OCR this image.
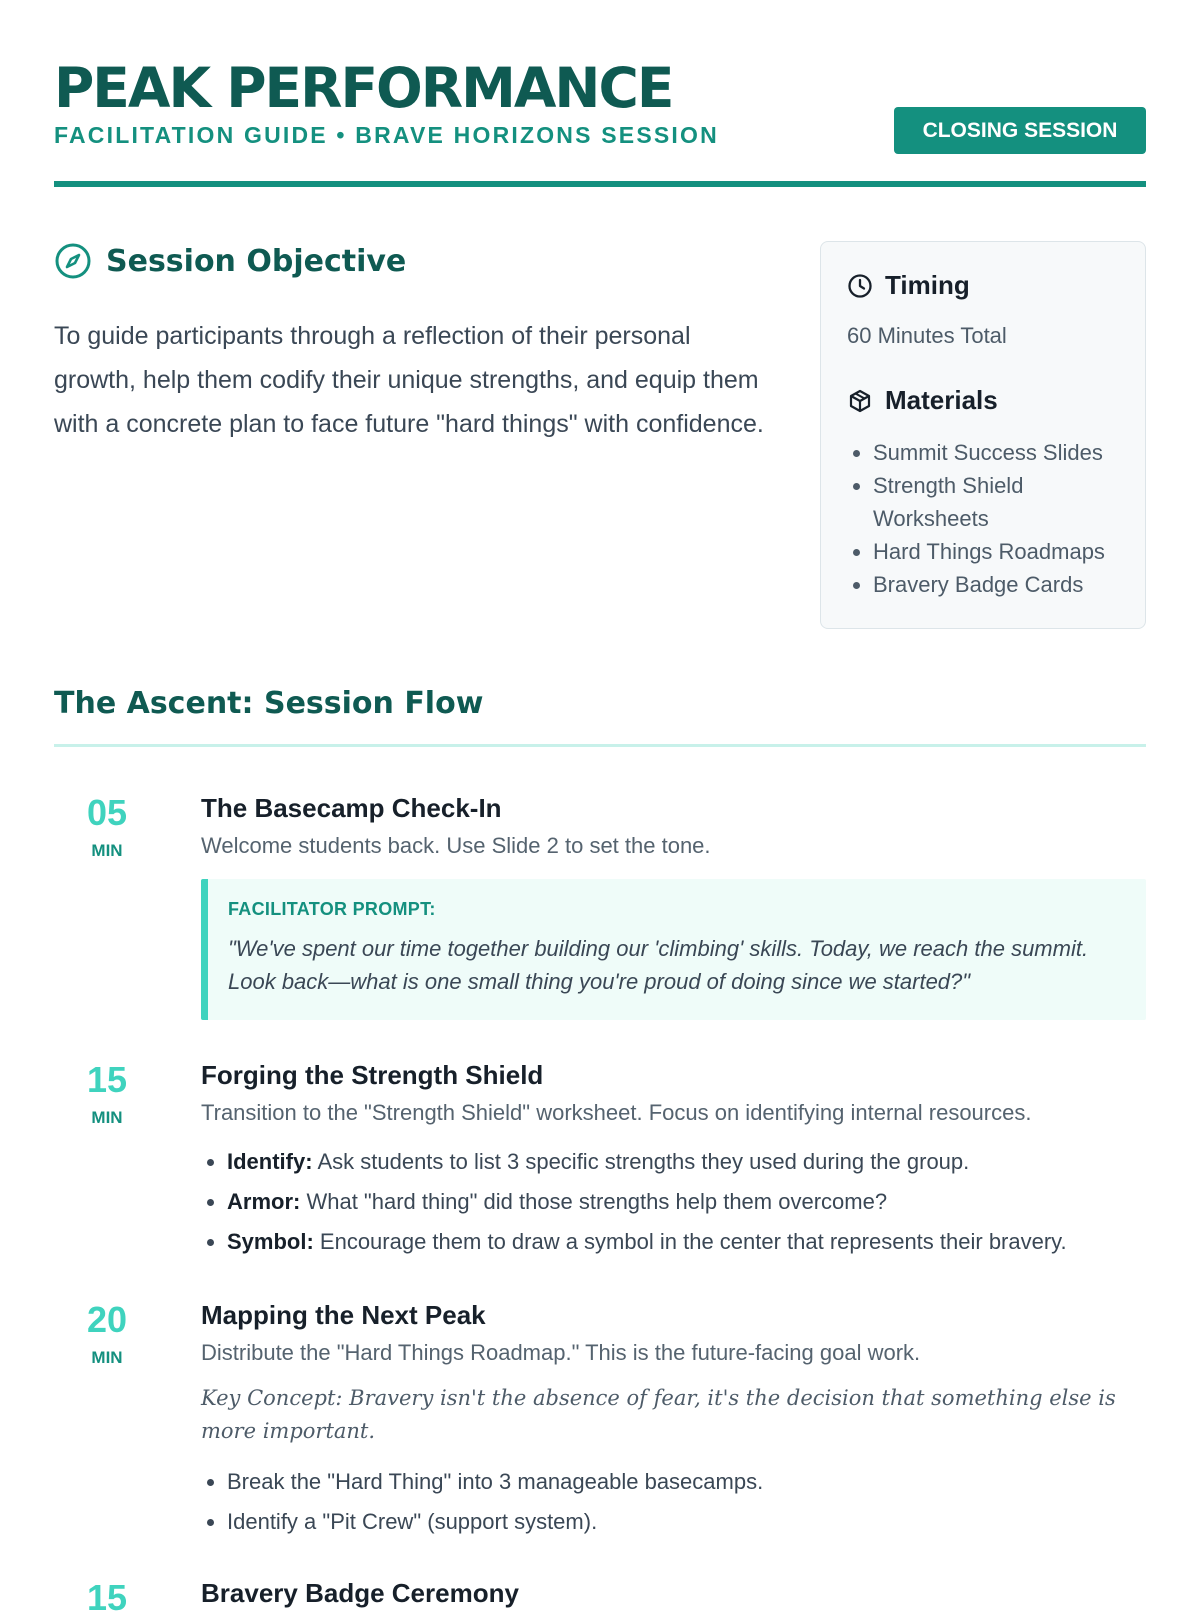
PEAK PERFORMANCE
FACILITATION GUIDE • BRAVE HORIZONS SESSION	CLOSING SESSION
Session Objective
To guide participants through a reflection of their personal growth, help them codify their unique strengths, and equip them with a concrete plan to face future "hard things" with confidence.
Timing
60 Minutes Total
Materials
• Summit Success Slides
• Strength Shield Worksheets
• Hard Things Roadmaps
• Bravery Badge Cards
The Ascent: Session Flow
05
MIN
The Basecamp Check-In
Welcome students back. Use Slide 2 to set the tone.
FACILITATOR PROMPT:
"We've spent our time together building our 'climbing' skills. Today, we reach the summit. Look back—what is one small thing you're proud of doing since we started?"
15
MIN
Forging the Strength Shield
Transition to the "Strength Shield" worksheet. Focus on identifying internal resources.
• Identify: Ask students to list 3 specific strengths they used during the group.
• Armor: What "hard thing" did those strengths help them overcome?
• Symbol: Encourage them to draw a symbol in the center that represents their bravery.
20
MIN
Mapping the Next Peak
Distribute the "Hard Things Roadmap." This is the future-facing goal work.
Key Concept: Bravery isn't the absence of fear, it's the decision that something else is more important.
• Break the "Hard Thing" into 3 manageable basecamps.
• Identify a "Pit Crew" (support system).
15	Bravery Badge Ceremony
